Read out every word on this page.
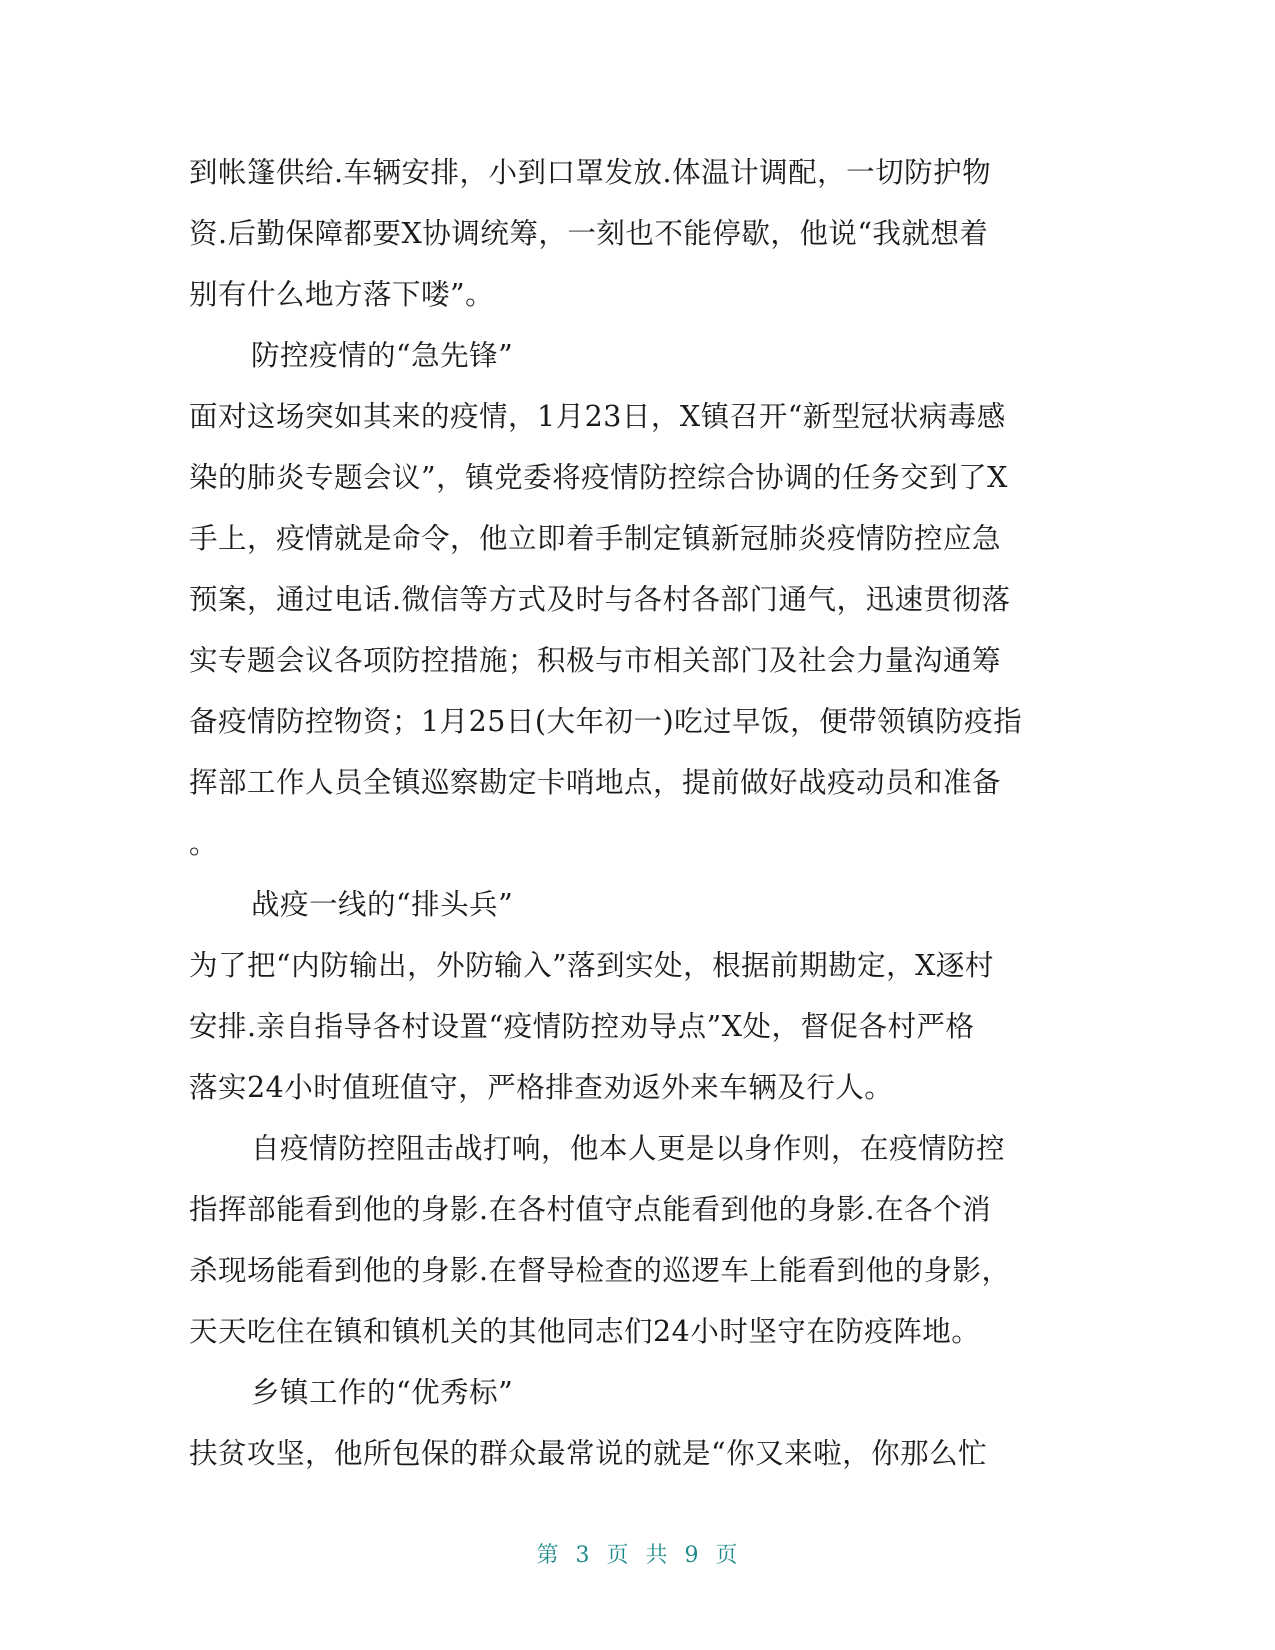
到帐篷供给.车辆安排，小到口罩发放.体温计调配，一切防护物
资.后勤保障都要X协调统筹，一刻也不能停歇，他说“我就想着
别有什么地方落下喽”。
防控疫情的“急先锋”
面对这场突如其来的疫情，1月23日，X镇召开“新型冠状病毒感
染的肺炎专题会议”，镇党委将疫情防控综合协调的任务交到了X
手上，疫情就是命令，他立即着手制定镇新冠肺炎疫情防控应急
预案，通过电话.微信等方式及时与各村各部门通气，迅速贯彻落
实专题会议各项防控措施；积极与市相关部门及社会力量沟通筹
备疫情防控物资；1月25日(大年初一)吃过早饭，便带领镇防疫指
挥部工作人员全镇巡察勘定卡哨地点，提前做好战疫动员和准备
。
战疫一线的“排头兵”
为了把“内防输出，外防输入”落到实处，根据前期勘定，X逐村
安排.亲自指导各村设置“疫情防控劝导点”X处，督促各村严格
落实24小时值班值守，严格排查劝返外来车辆及行人。
自疫情防控阻击战打响，他本人更是以身作则，在疫情防控
指挥部能看到他的身影.在各村值守点能看到他的身影.在各个消
杀现场能看到他的身影.在督导检查的巡逻车上能看到他的身影，
天天吃住在镇和镇机关的其他同志们24小时坚守在防疫阵地。
乡镇工作的“优秀标”
扶贫攻坚，他所包保的群众最常说的就是“你又来啦，你那么忙
第 3 页 共 9 页
